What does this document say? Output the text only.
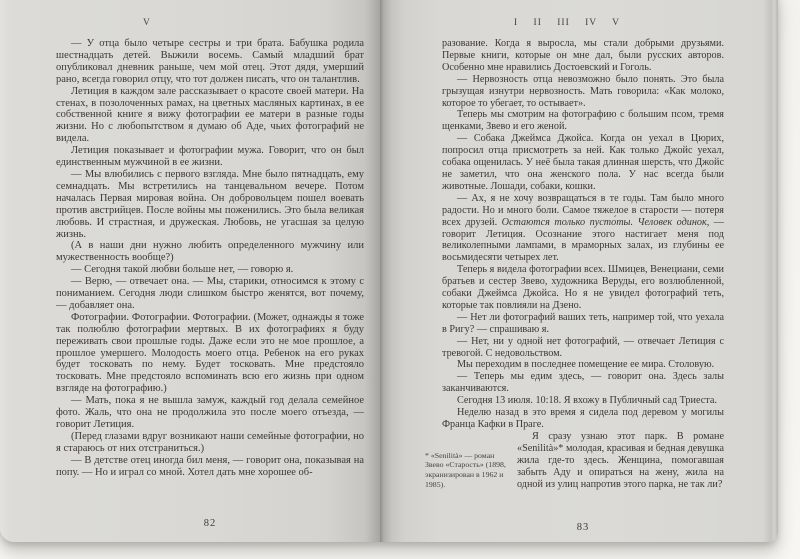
V

— У отца было четыре сестры и три брата. Бабушка родила шестнадцать детей. Выжили восемь. Самый младший брат опубликовал дневник раньше, чем мой отец. Этот дядя, умерший рано, всегда говорил отцу, что тот должен писать, что он талантлив.

Летиция в каждом зале рассказывает о красоте своей матери. На стенах, в позолоченных рамах, на цветных масляных картинах, в ее собственной книге я вижу фотографии ее матери в разные годы жизни. Но с любопытством я думаю об Аде, чьих фотографий не видела.

Летиция показывает и фотографии мужа. Говорит, что он был единственным мужчиной в ее жизни.

— Мы влюбились с первого взгляда. Мне было пятнадцать, ему семнадцать. Мы встретились на танцевальном вечере. Потом началась Первая мировая война. Он добровольцем пошел воевать против австрийцев. После войны мы поженились. Это была великая любовь. И страстная, и дружеская. Любовь, не угасшая за целую жизнь.

(А в наши дни нужно любить определенного мужчину или мужественность вообще?)

— Сегодня такой любви больше нет, — говорю я.

— Верю, — отвечает она. — Мы, старики, относимся к этому с пониманием. Сегодня люди слишком быстро женятся, вот почему, — добавляет она.

Фотографии. Фотографии. Фотографии. (Может, однажды я тоже так полюблю фотографии мертвых. В их фотографиях я буду переживать свои прошлые годы. Даже если это не мое прошлое, а прошлое умершего. Молодость моего отца. Ребенок на его руках будет тосковать по нему. Будет тосковать. Мне предстояло тосковать. Мне предстояло вспоминать всю его жизнь при одном взгляде на фотографию.)

— Мать, пока я не вышла замуж, каждый год делала семейное фото. Жаль, что она не продолжила это после моего отъезда, — говорит Летиция.

(Перед глазами вдруг возникают наши семейные фотографии, но я стараюсь от них отстраниться.)

— В детстве отец иногда бил меня, — говорит она, показывая на попу. — Но и играл со мной. Хотел дать мне хорошее об-

82
I II III IV V

разование. Когда я выросла, мы стали добрыми друзьями. Первые книги, которые он мне дал, были русских авторов. Особенно мне нравились Достоевский и Гоголь.

— Нервозность отца невозможно было понять. Это была грызущая изнутри нервозность. Мать говорила: «Как молоко, которое то убегает, то остывает».

Теперь мы смотрим на фотографию с большим псом, тремя щенками, Звево и его женой.

— Собака Джеймса Джойса. Когда он уехал в Цюрих, попросил отца присмотреть за ней. Как только Джойс уехал, собака ощенилась. У неё была такая длинная шерсть, что Джойс не заметил, что она женского пола. У нас всегда были животные. Лошади, собаки, кошки.

— Ах, я не хочу возвращаться в те годы. Там было много радости. Но и много боли. Самое тяжелое в старости — потеря всех друзей. Остаются только пусто́ты. Человек одинок, — говорит Летиция. Осознание этого настигает меня под великолепными лампами, в мраморных залах, из глубины ее восьмидесяти четырех лет.

Теперь я видела фотографии всех. Шмицев, Венециани, семи братьев и сестер Звево, художника Веруды, его возлюбленной, собаки Джеймса Джойса. Но я не увидел фотографий теть, которые так повлияли на Дзено.

— Нет ли фотографий ваших теть, например той, что уехала в Ригу? — спрашиваю я.

— Нет, ни у одной нет фотографий, — отвечает Летиция с тревогой. С недовольством.

Мы переходим в последнее помещение ее мира. Столовую.

— Теперь мы едим здесь, — говорит она. Здесь залы заканчиваются.

Сегодня 13 июля. 10:18. Я вхожу в Публичный сад Триеста.

Неделю назад в это время я сидела под деревом у могилы Франца Кафки в Праге.

* «Senilità» — роман Звево «Старость» (1898, экранизирован в 1962 и 1985).

Я сразу узнаю этот парк. В романе «Senilità»* молодая, красивая и бедная девушка жила где-то здесь. Женщина, помогавшая забыть Аду и опираться на жену, жила на одной из улиц напротив этого парка, не так ли?

83
